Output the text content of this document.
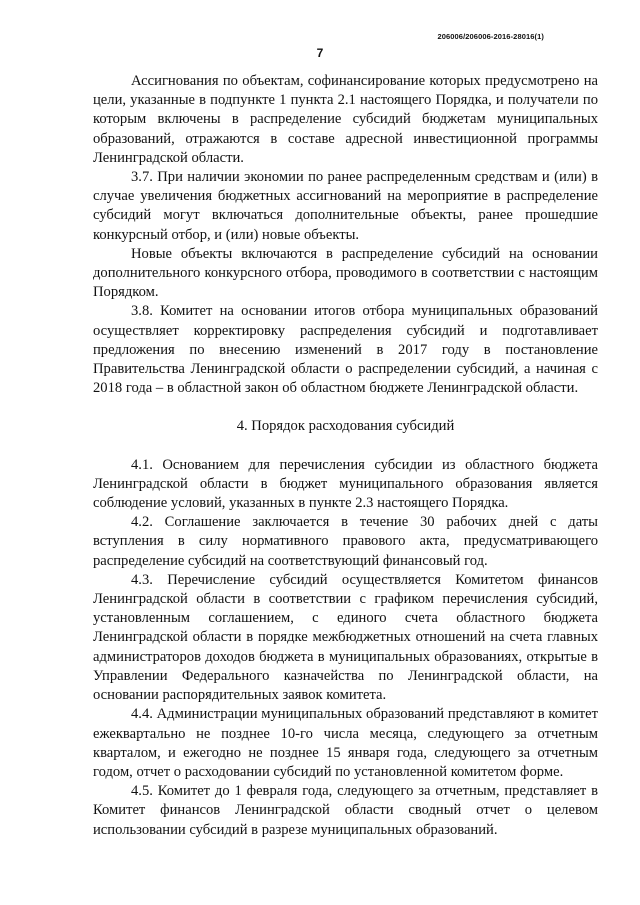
206006/206006-2016-28016(1)
7

Ассигнования по объектам, софинансирование которых предусмотрено на цели, указанные в подпункте 1 пункта 2.1 настоящего Порядка, и получатели по которым включены в распределение субсидий бюджетам муниципальных образований, отражаются в составе адресной инвестиционной программы Ленинградской области.

3.7. При наличии экономии по ранее распределенным средствам и (или) в случае увеличения бюджетных ассигнований на мероприятие в распределение субсидий могут включаться дополнительные объекты, ранее прошедшие конкурсный отбор, и (или) новые объекты.

Новые объекты включаются в распределение субсидий на основании дополнительного конкурсного отбора, проводимого в соответствии с настоящим Порядком.

3.8. Комитет на основании итогов отбора муниципальных образований осуществляет корректировку распределения субсидий и подготавливает предложения по внесению изменений в 2017 году в постановление Правительства Ленинградской области о распределении субсидий, а начиная с 2018 года – в областной закон об областном бюджете Ленинградской области.

4. Порядок расходования субсидий

4.1. Основанием для перечисления субсидии из областного бюджета Ленинградской области в бюджет муниципального образования является соблюдение условий, указанных в пункте 2.3 настоящего Порядка.

4.2. Соглашение заключается в течение 30 рабочих дней с даты вступления в силу нормативного правового акта, предусматривающего распределение субсидий на соответствующий финансовый год.

4.3. Перечисление субсидий осуществляется Комитетом финансов Ленинградской области в соответствии с графиком перечисления субсидий, установленным соглашением, с единого счета областного бюджета Ленинградской области в порядке межбюджетных отношений на счета главных администраторов доходов бюджета в муниципальных образованиях, открытые в Управлении Федерального казначейства по Ленинградской области, на основании распорядительных заявок комитета.

4.4. Администрации муниципальных образований представляют в комитет ежеквартально не позднее 10-го числа месяца, следующего за отчетным кварталом, и ежегодно не позднее 15 января года, следующего за отчетным годом, отчет о расходовании субсидий по установленной комитетом форме.

4.5. Комитет до 1 февраля года, следующего за отчетным, представляет в Комитет финансов Ленинградской области сводный отчет о целевом использовании субсидий в разрезе муниципальных образований.
